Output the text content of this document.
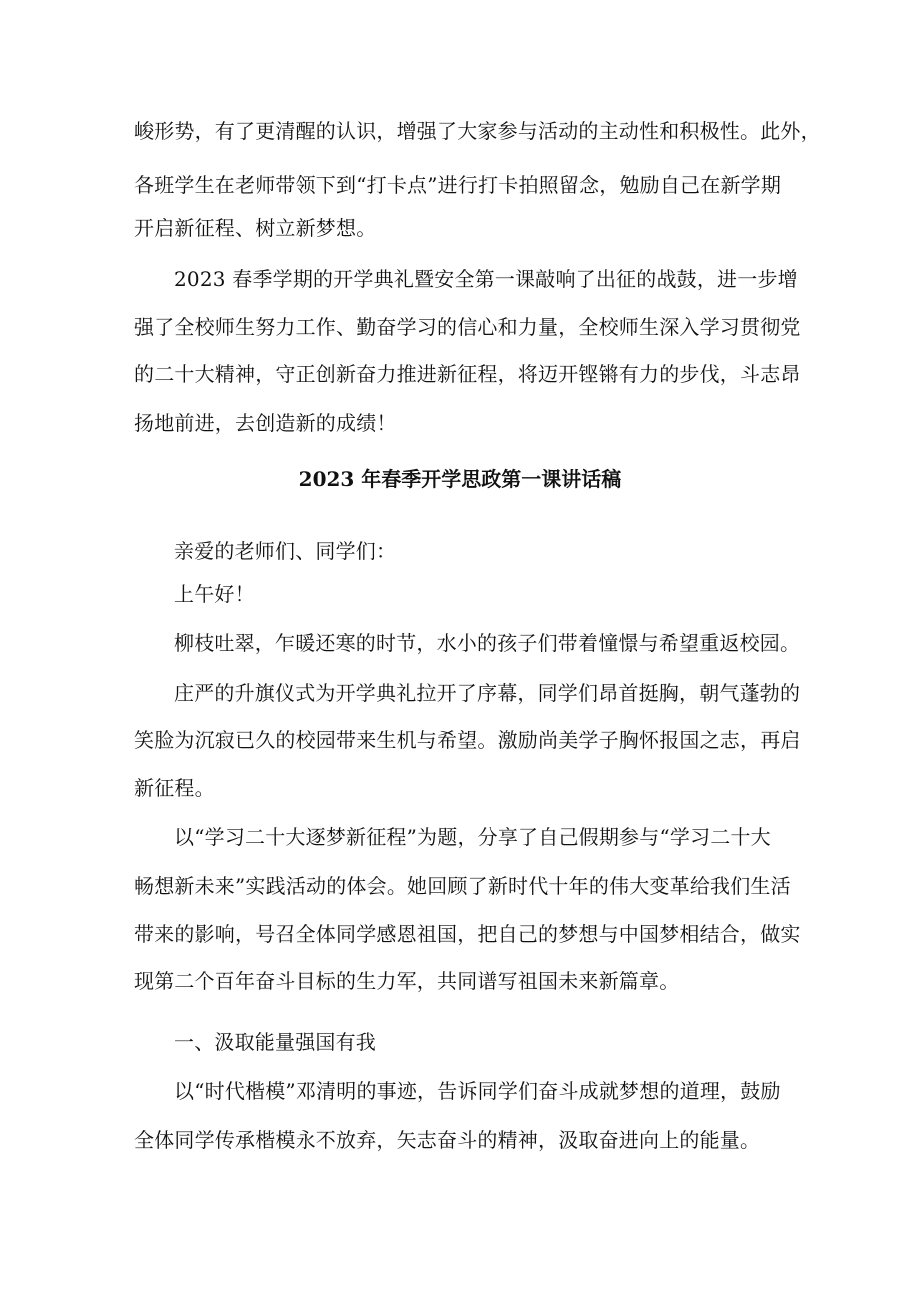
峻形势，有了更清醒的认识，增强了大家参与活动的主动性和积极性。此外，
各班学生在老师带领下到“打卡点”进行打卡拍照留念，勉励自己在新学期
开启新征程、树立新梦想。
2023 春季学期的开学典礼暨安全第一课敲响了出征的战鼓，进一步增
强了全校师生努力工作、勤奋学习的信心和力量，全校师生深入学习贯彻党
的二十大精神，守正创新奋力推进新征程，将迈开铿锵有力的步伐，斗志昂
扬地前进，去创造新的成绩！
2023 年春季开学思政第一课讲话稿
亲爱的老师们、同学们：
上午好！
柳枝吐翠，乍暖还寒的时节，水小的孩子们带着憧憬与希望重返校园。
庄严的升旗仪式为开学典礼拉开了序幕，同学们昂首挺胸，朝气蓬勃的
笑脸为沉寂已久的校园带来生机与希望。激励尚美学子胸怀报国之志，再启
新征程。
以“学习二十大逐梦新征程”为题，分享了自己假期参与“学习二十大
畅想新未来”实践活动的体会。她回顾了新时代十年的伟大变革给我们生活
带来的影响，号召全体同学感恩祖国，把自己的梦想与中国梦相结合，做实
现第二个百年奋斗目标的生力军，共同谱写祖国未来新篇章。
一、汲取能量强国有我
以“时代楷模”邓清明的事迹，告诉同学们奋斗成就梦想的道理，鼓励
全体同学传承楷模永不放弃，矢志奋斗的精神，汲取奋进向上的能量。
